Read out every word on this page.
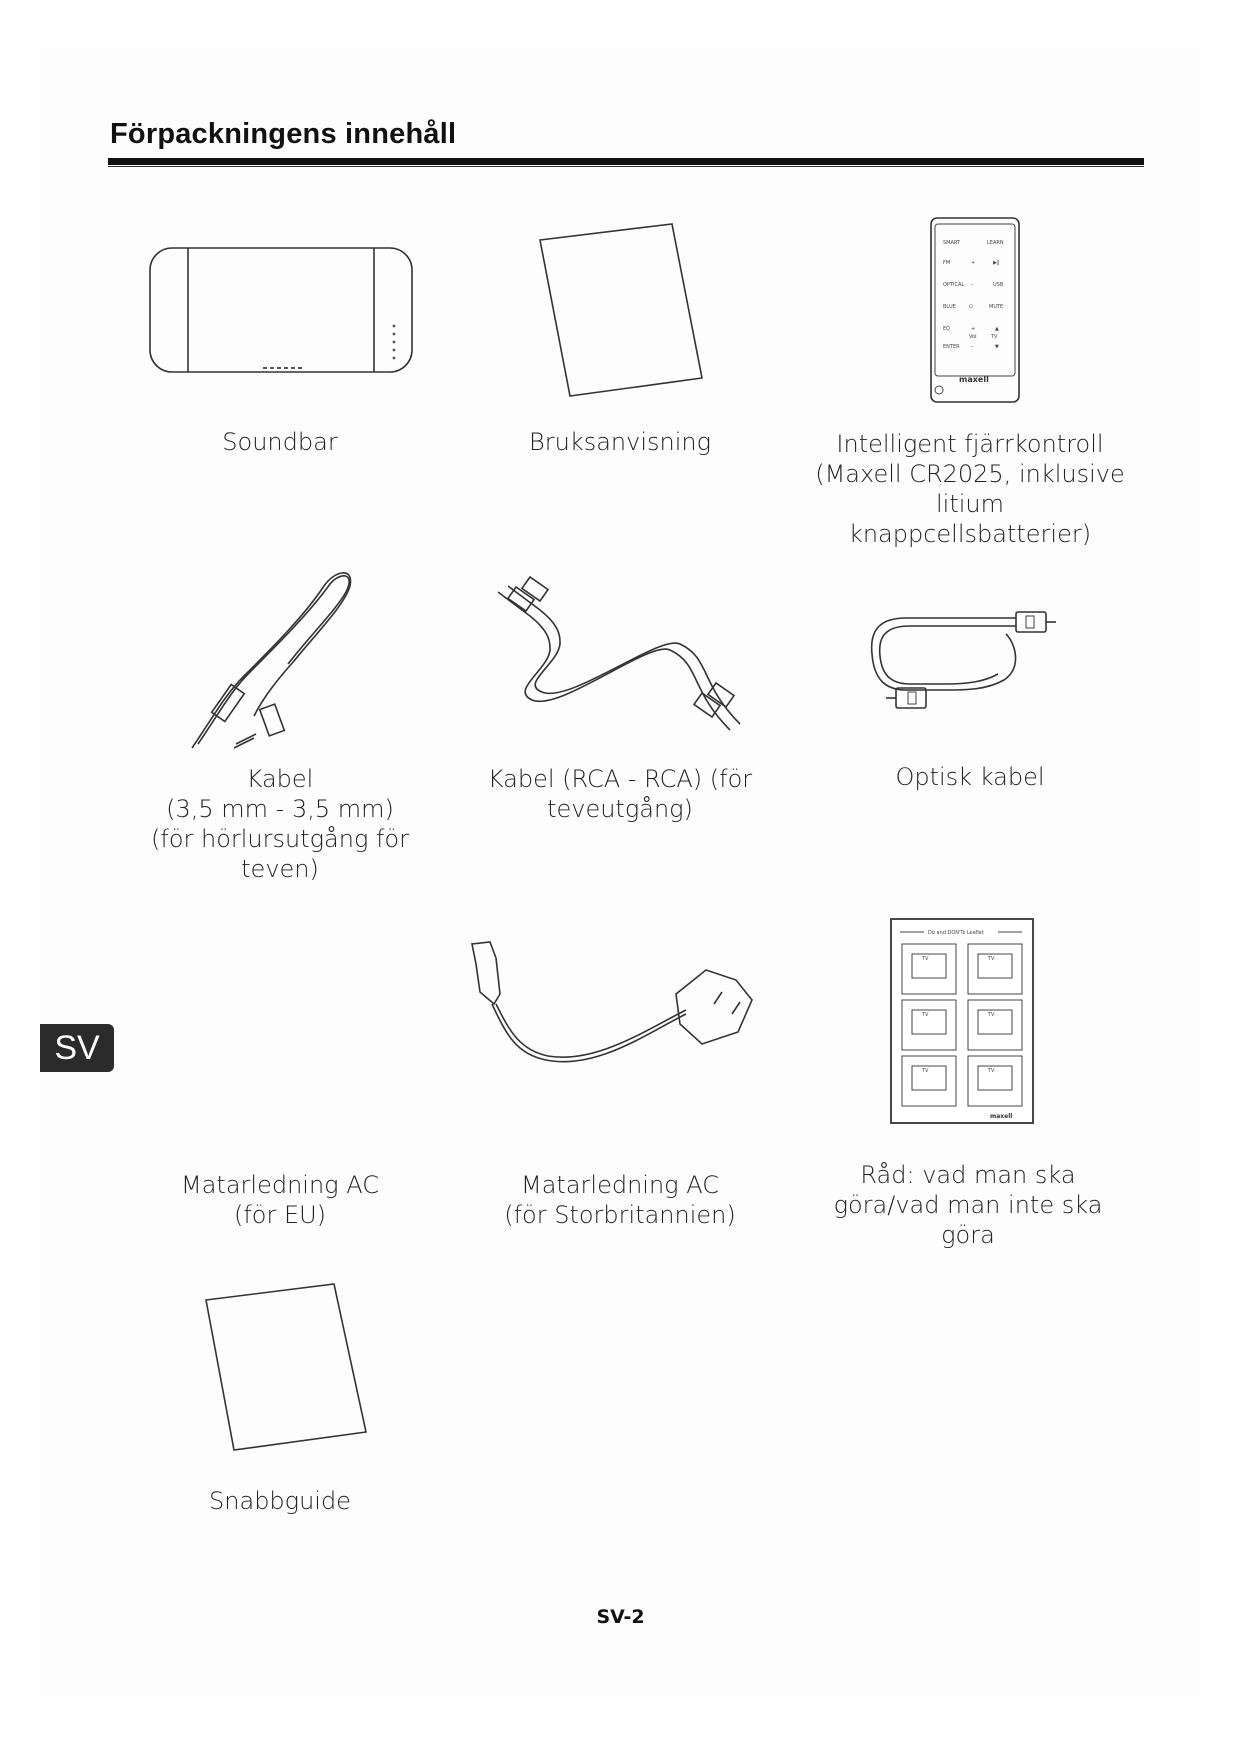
Förpackningens innehåll
SMART	LEARN
FM	+	▶‖
OPTICAL –	USB
BLUE	⏻	MUTE
EQ	+	▲
Vol	TV
ENTER –	▼
maxell
Soundbar	Bruksanvisning	Intelligent fjärrkontroll
(Maxell CR2025, inklusive
litium
knappcellsbatterier)
Kabel
(3,5 mm - 3,5 mm)
(för hörlursutgång för
teven)
Kabel (RCA - RCA) (för
teveutgång)
Optisk kabel
Do and DON'Ts Leaflet
TV	TV
TV	TV
TV	TV
maxell
Matarledning AC
(för EU)
Matarledning AC
(för Storbritannien)
Råd: vad man ska
göra/vad man inte ska
göra
Snabbguide
SV
SV-2
